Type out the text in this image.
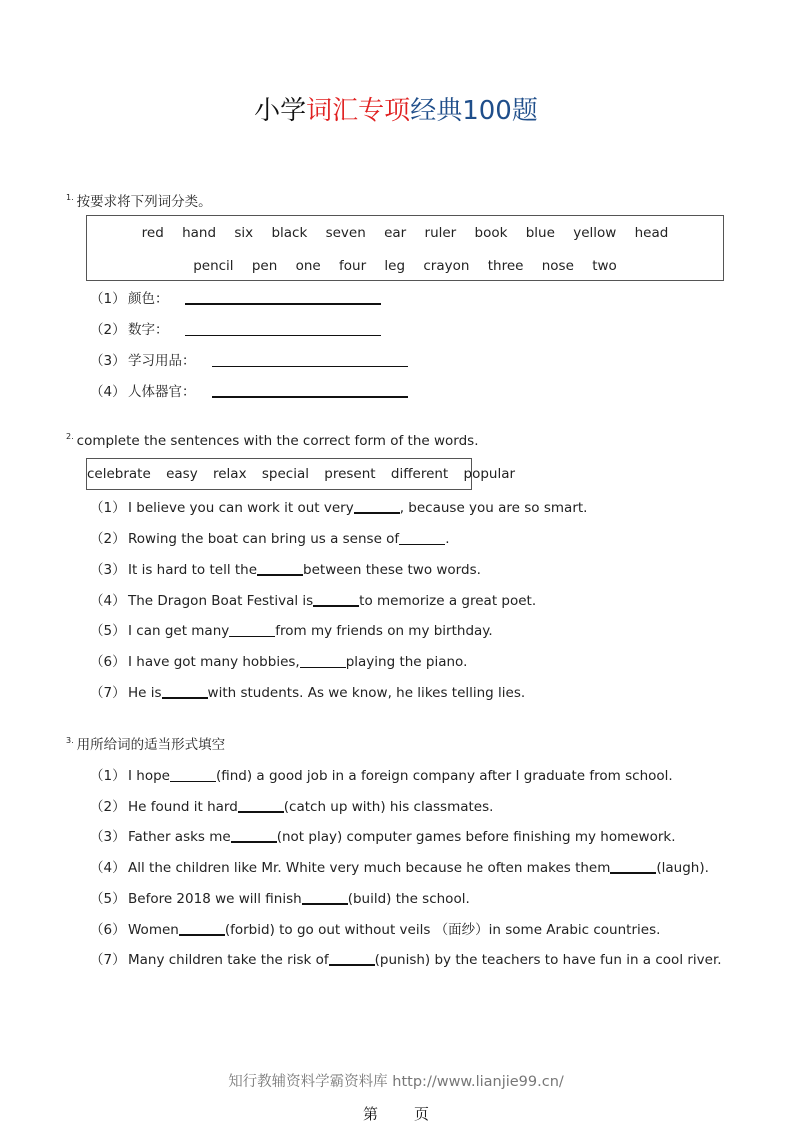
小学词汇专项经典100题
$^{1.}$ 按要求将下列词分类。
red hand six black seven ear ruler book blue yellow head
pencil pen one four leg crayon three nose two
（1） 颜色：
（2） 数字：
（3） 学习用品：
（4） 人体器官：
$^{2.}$ complete the sentences with the correct form of the words.
celebrate easy relax special present different popular
（1） I believe you can work it out very	, because you are so smart.
（2） Rowing the boat can bring us a sense of	.
（3） It is hard to tell the	between these two words.
（4） The Dragon Boat Festival is	to memorize a great poet.
（5） I can get many	from my friends on my birthday.
（6） I have got many hobbies,	playing the piano.
（7） He is	with students. As we know, he likes telling lies.
$^{3.}$ 用所给词的适当形式填空
（1） I hope	(find) a good job in a foreign company after I graduate from school.
（2） He found it hard	(catch up with) his classmates.
（3） Father asks me	(not play) computer games before finishing my homework.
（4） All the children like Mr. White very much because he often makes them	(laugh).
（5） Before 2018 we will finish	(build) the school.
（6） Women	(forbid) to go out without veils （面纱）in some Arabic countries.
（7） Many children take the risk of	(punish) by the teachers to have fun in a cool river.
知行教辅资料学霸资料库 http://www.lianjie99.cn/
第 页
